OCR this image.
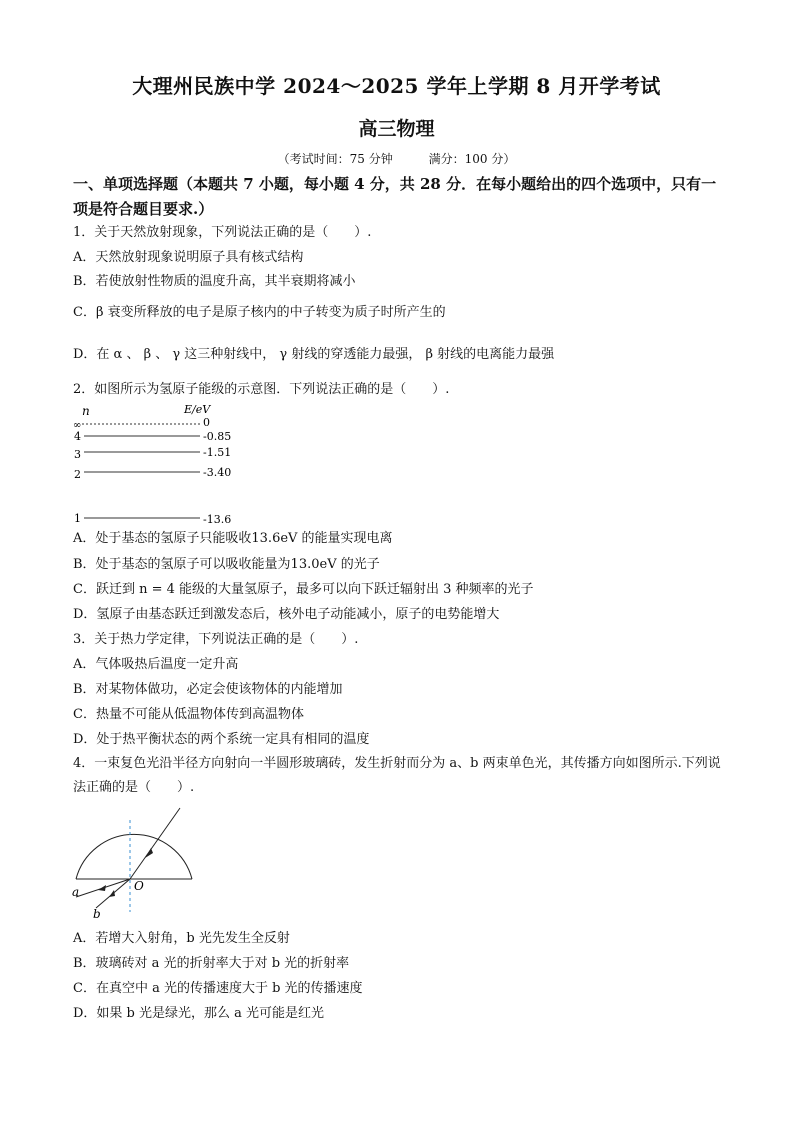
大理州民族中学 2024～2025 学年上学期 8 月开学考试
高三物理
（考试时间：75 分钟	满分：100 分）
一、单项选择题（本题共 7 小题，每小题 4 分，共 28 分．在每小题给出的四个选项中，只有一项是符合题目要求.）
1．关于天然放射现象，下列说法正确的是（　　）.
A．天然放射现象说明原子具有核式结构
B．若使放射性物质的温度升高，其半衰期将减小
C．β 衰变所释放的电子是原子核内的中子转变为质子时所产生的
D．在 α 、 β 、 γ 这三种射线中， γ 射线的穿透能力最强， β 射线的电离能力最强
2．如图所示为氢原子能级的示意图．下列说法正确的是（　　）.
n	E/eV
∞	0
4	-0.85
3	-1.51
2	-3.40
1	-13.6
A．处于基态的氢原子只能吸收13.6eV 的能量实现电离
B．处于基态的氢原子可以吸收能量为13.0eV 的光子
C．跃迁到 n = 4 能级的大量氢原子，最多可以向下跃迁辐射出 3 种频率的光子
D．氢原子由基态跃迁到激发态后，核外电子动能减小，原子的电势能增大
3．关于热力学定律，下列说法正确的是（　　）.
A．气体吸热后温度一定升高
B．对某物体做功，必定会使该物体的内能增加
C．热量不可能从低温物体传到高温物体
D．处于热平衡状态的两个系统一定具有相同的温度
4．一束复色光沿半径方向射向一半圆形玻璃砖，发生折射而分为 a、b 两束单色光，其传播方向如图所示.下列说法正确的是（　　）.
a
b
O
A．若增大入射角，b 光先发生全反射
B．玻璃砖对 a 光的折射率大于对 b 光的折射率
C．在真空中 a 光的传播速度大于 b 光的传播速度
D．如果 b 光是绿光，那么 a 光可能是红光
